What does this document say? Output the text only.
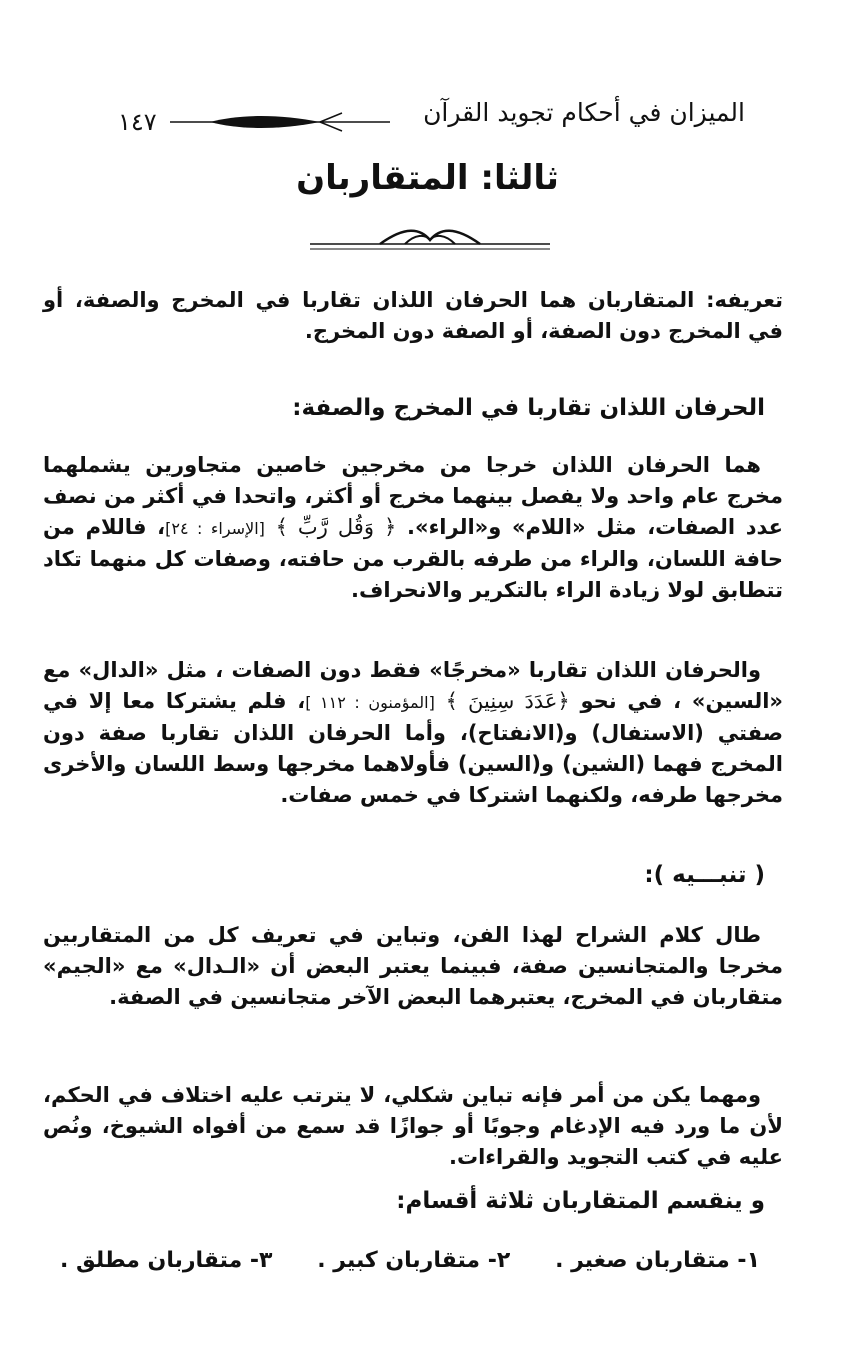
الميزان في أحكام تجويد القرآن
١٤٧
ثالثا: المتقاربان
تعريفه: المتقاربان هما الحرفان اللذان تقاربا في المخرج والصفة، أو في المخرج دون الصفة، أو الصفة دون المخرج.
الحرفان اللذان تقاربا في المخرج والصفة:
هما الحرفان اللذان خرجا من مخرجين خاصين متجاورين يشملهما مخرج عام واحد ولا يفصل بينهما مخرج أو أكثر، واتحدا في أكثر من نصف عدد الصفات، مثل «اللام» و«الراء». ﴿ وَقُل رَّبِّ ﴾ [الإسراء : ٢٤]، فاللام من حافة اللسان، والراء من طرفه بالقرب من حافته، وصفات كل منهما تكاد تتطابق لولا زيادة الراء بالتكرير والانحراف.
والحرفان اللذان تقاربا «مخرجًا» فقط دون الصفات ، مثل «الدال» مع «السين» ، في نحو ﴿عَدَدَ سِنِينَ ﴾ [المؤمنون : ١١٢ ]، فلم يشتركا معا إلا في صفتي (الاستفال) و(الانفتاح)، وأما الحرفان اللذان تقاربا صفة دون المخرج فهما (الشين) و(السين) فأولاهما مخرجها وسط اللسان والأخرى مخرجها طرفه، ولكنهما اشتركا في خمس صفات.
( تنبـــيه ):
طال كلام الشراح لهذا الفن، وتباين في تعريف كل من المتقاربين مخرجا والمتجانسين صفة، فبينما يعتبر البعض أن «الـدال» مع «الجيم» متقاربان في المخرج، يعتبرهما البعض الآخر متجانسين في الصفة.
ومهما يكن من أمر فإنه تباين شكلي، لا يترتب عليه اختلاف في الحكم، لأن ما ورد فيه الإدغام وجوبًا أو جوازًا قد سمع من أفواه الشيوخ، ونُص عليه في كتب التجويد والقراءات.
و ينقسم المتقاربان ثلاثة أقسام:
١- متقاربان صغير .
٢- متقاربان كبير .
٣- متقاربان مطلق .
